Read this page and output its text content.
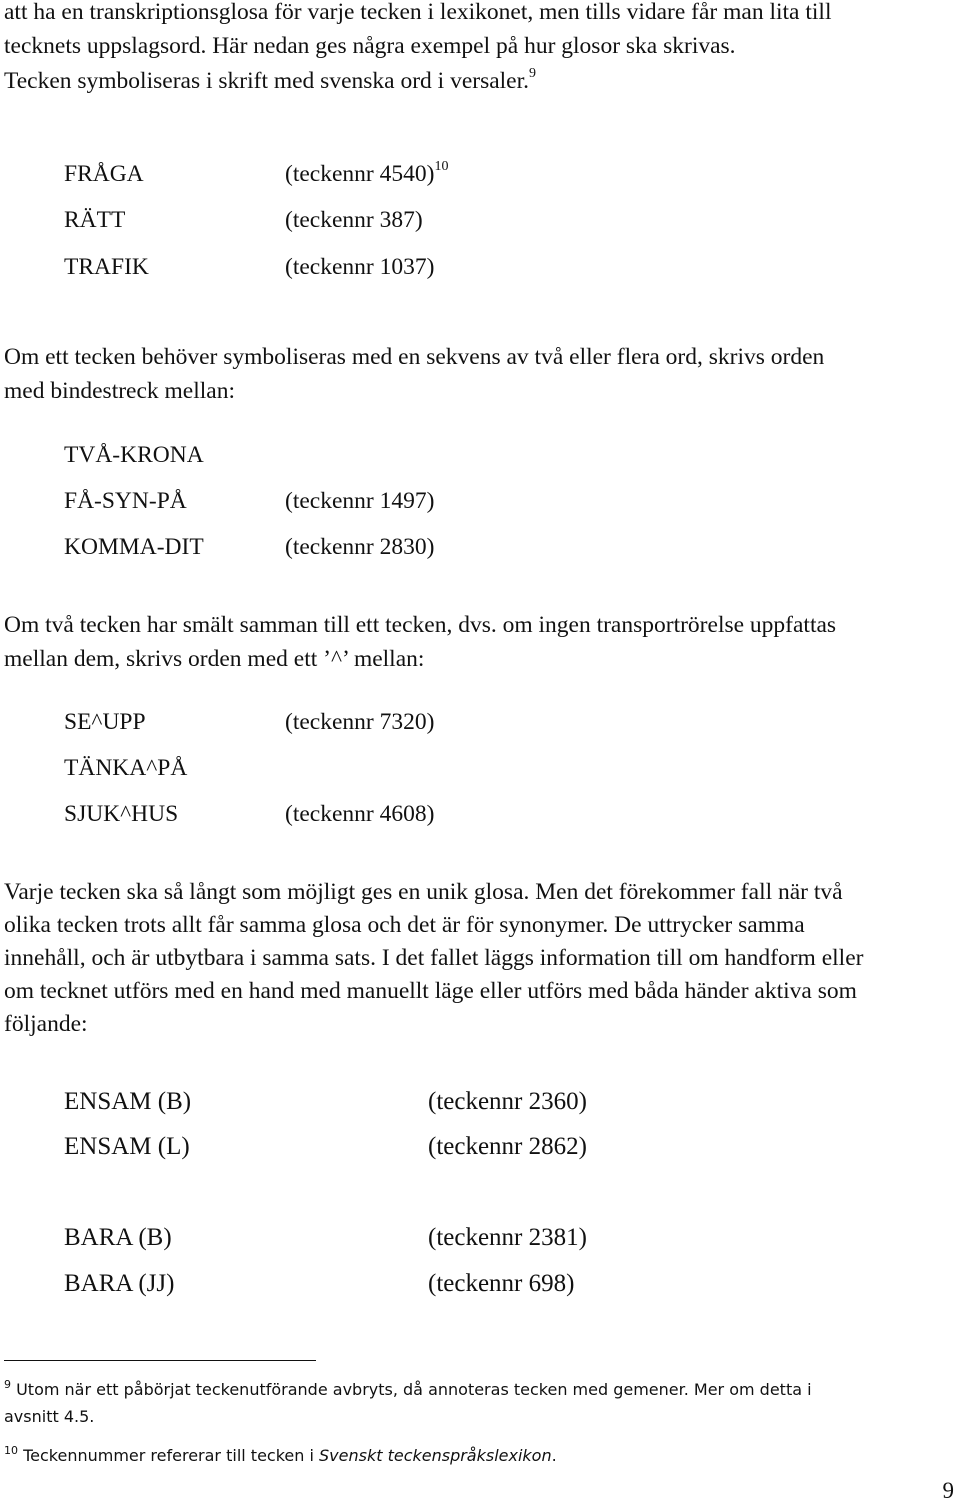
att ha en transkriptionsglosa för varje tecken i lexikonet, men tills vidare får man lita till

tecknets uppslagsord. Här nedan ges några exempel på hur glosor ska skrivas.

Tecken symboliseras i skrift med svenska ord i versaler.$^9$

FRÅGA	(teckennr 4540)$^{10}$

RÄTT	(teckennr 387)

TRAFIK	(teckennr 1037)

Om ett tecken behöver symboliseras med en sekvens av två eller flera ord, skrivs orden

med bindestreck mellan:

TVÅ-KRONA

FÅ-SYN-PÅ	(teckennr 1497)

KOMMA-DIT	(teckennr 2830)

Om två tecken har smält samman till ett tecken, dvs. om ingen transportrörelse uppfattas

mellan dem, skrivs orden med ett ’^’ mellan:

SE^UPP	(teckennr 7320)

TÄNKA^PÅ

SJUK^HUS	(teckennr 4608)

Varje tecken ska så långt som möjligt ges en unik glosa. Men det förekommer fall när två

olika tecken trots allt får samma glosa och det är för synonymer. De uttrycker samma

innehåll, och är utbytbara i samma sats. I det fallet läggs information till om handform eller

om tecknet utförs med en hand med manuellt läge eller utförs med båda händer aktiva som

följande:

ENSAM (B)	(teckennr 2360)

ENSAM (L)	(teckennr 2862)

BARA (B)	(teckennr 2381)

BARA (JJ)	(teckennr 698)

$^9$ Utom när ett påbörjat teckenutförande avbryts, då annoteras tecken med gemener. Mer om detta i

avsnitt 4.5.

$^{10}$ Teckennummer refererar till tecken i Svenskt teckenspråkslexikon.

9
